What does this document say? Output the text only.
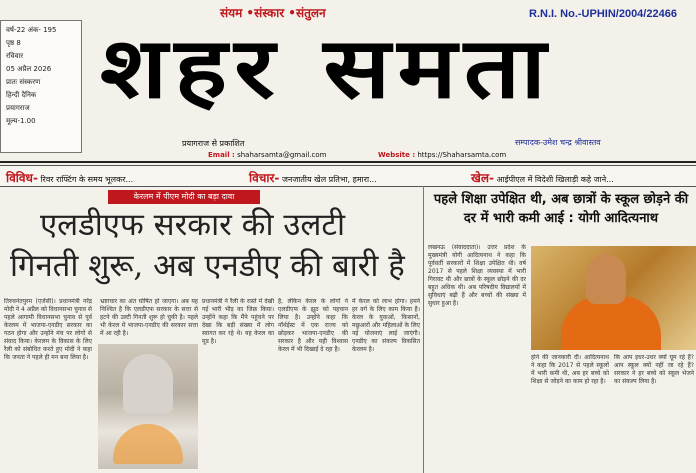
संयम •संस्कार •संतुलन	R.N.I. No.-UPHIN/2004/22466
वर्ष-22 अंक- 195
पृष्ठ 8
रविवार
05 अप्रैल 2026
प्रातः संस्करण
हिन्दी दैनिक
प्रयागराज
मूल्य-1.00
शहर समता
प्रयागराज से प्रकाशित
Email : shaharsamta@gmail.com	Website : https://Shaharsamta.com
सम्पादक-उमेश चन्द्र श्रीवास्तव
विविध- रिवर राफ्टिंग के समय भूलकर...	विचार- जनजातीय खेल प्रतिभा, हमारा...	खेल- आईपीएल में विदेशी खिलाड़ी कहे जाने...
केरलम में पीएम मोदी का बड़ा दावा
एलडीएफ सरकार की उलटी
गिनती शुरू, अब एनडीए की बारी है
तिरुवनंतपुरम (एजेंसी)। प्रधानमंत्री नरेंद्र मोदी ने 4 अप्रैल को विधानसभा चुनाव से पहले आगामी विधानसभा चुनाव से पूर्व केरलम में भाजपा-एनडीए सरकार का गठन होगा और उन्होंने मंच पर लोगों से संवाद किया। केरलम के विकास के लिए रैली को संबोधित करते हुए मोदी ने कहा कि जनता ने पहले ही मन बना लिया है।
भ्रष्टाचार का अंत घोषित हो जाएगा। अब यह निश्चित है कि एलडीएफ सरकार के सत्ता से हटने की उल्टी गिनती शुरू हो चुकी है। पहले भी केरल में भाजपा-एनडीए की सरकार सत्ता में आ रही है।
प्रधानमंत्री ने रैली के रास्ते में देखी गई भारी भीड़ का जिक्र किया। उन्होंने कहा कि मैंने पहुंचने पर देखा कि बड़ी संख्या में लोग स्वागत कर रहे थे। यह केरल का मूड है।
है, लेकिन केरल के लोगों ने एलडीएफ के झूठ को पहचान लिया है। उन्होंने कहा कि नॉर्थईस्ट में एक राज्य को छोड़कर भाजपा-एनडीए की सरकार है और यही विश्वास केरल में भी दिखाई दे रहा है।
में केरल को लाभ होगा। हमने हर वर्ग के लिए काम किया है। केरल के युवाओं, किसानों, मछुआरों और महिलाओं के लिए नई योजनाएं लाई जाएंगी। एनडीए का संकल्प विकसित केरलम है।
पहले शिक्षा उपेक्षित थी, अब छात्रों के स्कूल छोड़ने की दर में भारी कमी आई : योगी आदित्यनाथ
लखनऊ (संवाददाता)। उत्तर प्रदेश के मुख्यमंत्री योगी आदित्यनाथ ने कहा कि पूर्ववर्ती सरकारों में शिक्षा उपेक्षित थी। वर्ष 2017 से पहले शिक्षा व्यवस्था में भारी गिरावट थी और छात्रों के स्कूल छोड़ने की दर बहुत अधिक थी। अब परिषदीय विद्यालयों में सुविधाएं बढ़ी हैं और बच्चों की संख्या में सुधार हुआ है।
होने की जानकारी दी। आदित्यनाथ ने कहा कि 2017 से पहले स्कूलों में भारी कमी थी, अब हर बच्चे को शिक्षा से जोड़ने का काम हो रहा है।
कि आप इधर-उधर क्यों घूम रहे हैं? आप स्कूल क्यों नहीं जा रहे हैं? सरकार ने हर बच्चे को स्कूल भेजने का संकल्प लिया है।
